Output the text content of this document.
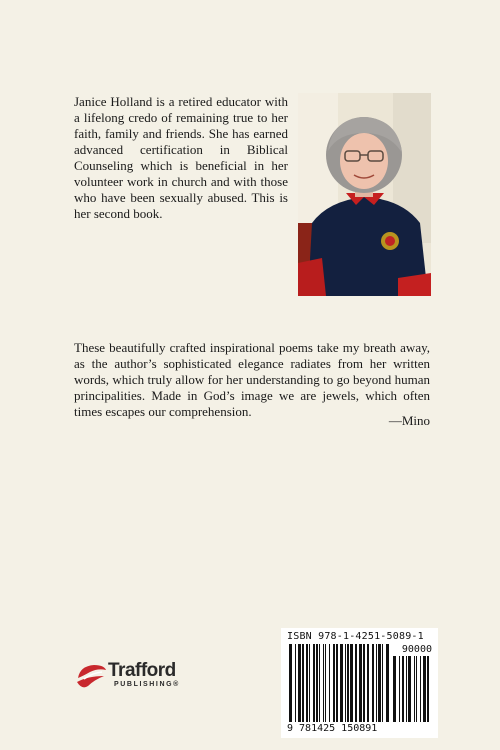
Janice Holland is a retired educator with a lifelong credo of remaining true to her faith, family and friends. She has earned advanced certification in Biblical Counseling which is beneficial in her volunteer work in church and with those who have been sexually abused. This is her second book.
These beautifully crafted inspirational poems take my breath away, as the author’s sophisticated elegance radiates from her written words, which truly allow for her understanding to go beyond human principalities. Made in God’s image we are jewels, which often times escapes our comprehension.
—Mino
Trafford
PUBLISHING®
ISBN 978-1-4251-5089-1
90000
9 781425 150891
